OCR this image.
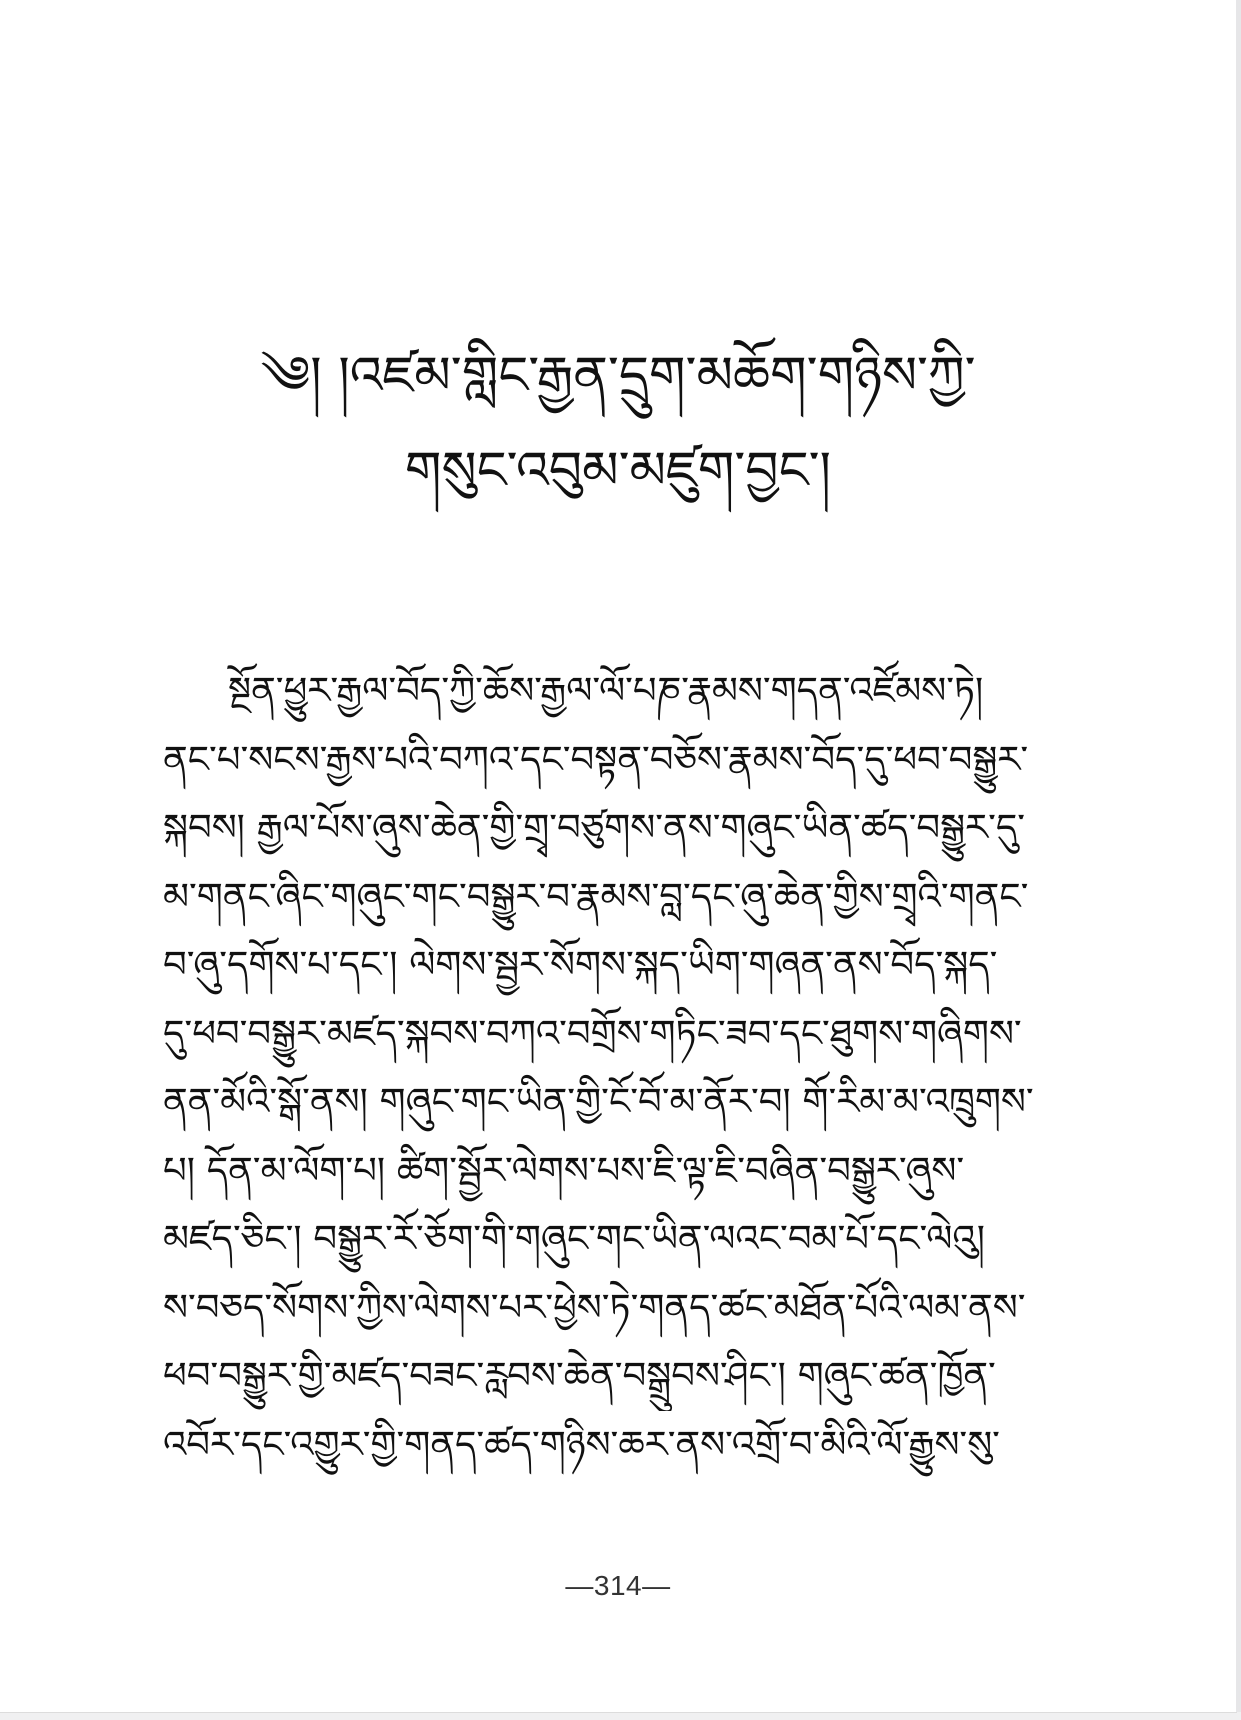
༄། །འཛམ་གླིང་རྒྱན་དྲུག་མཆོག་གཉིས་ཀྱི་
གསུང་འབུམ་མཛུག་བྱང་།
སྔོན་ཕྱུར་རྒྱལ་བོད་ཀྱི་ཆོས་རྒྱལ་ལོ་པཎ་རྣམས་གདན་འཛོམས་ཏེ།
ནང་པ་སངས་རྒྱས་པའི་བཀའ་དང་བསྟན་བཅོས་རྣམས་བོད་དུ་ཕབ་བསྒྱུར་
སྐབས། རྒྱལ་པོས་ཞུས་ཆེན་གྱི་གྲྭ་བཙུགས་ནས་གཞུང་ཡིན་ཚད་བསྒྱུར་དུ་
མ་གནང་ཞིང་གཞུང་གང་བསྒྱུར་བ་རྣམས་བླ་དང་ཞུ་ཆེན་གྱིས་གྲྭའི་གནང་
བ་ཞུ་དགོས་པ་དང་། ལེགས་སྦྱར་སོགས་སྐད་ཡིག་གཞན་ནས་བོད་སྐད་
དུ་ཕབ་བསྒྱུར་མཛད་སྐབས་བཀའ་བགྲོས་གཏིང་ཟབ་དང་ཐུགས་གཞིགས་
ནན་མོའི་སྒོ་ནས། གཞུང་གང་ཡིན་གྱི་ངོ་བོ་མ་ནོར་བ། གོ་རིམ་མ་འཁྲུགས་
པ། དོན་མ་ལོག་པ། ཚིག་སྦྱོར་ལེགས་པས་ཇི་ལྟ་ཇི་བཞིན་བསྒྱུར་ཞུས་
མཛད་ཅིང་། བསྒྱུར་རོ་ཅོག་གི་གཞུང་གང་ཡིན་ལའང་བམ་པོ་དང་ལེའུ།
ས་བཅད་སོགས་ཀྱིས་ལེགས་པར་ཕྱེས་ཏེ་གནད་ཚང་མཐོན་པོའི་ལམ་ནས་
ཕབ་བསྒྱུར་གྱི་མཛད་བཟང་རླབས་ཆེན་བསྒྲུབས་ཤིང་། གཞུང་ཚན་ཁྱོན་
འབོར་དང་འགྱུར་གྱི་གནད་ཚད་གཉིས་ཆར་ནས་འགྲོ་བ་མིའི་ལོ་རྒྱུས་སུ་
—314—
